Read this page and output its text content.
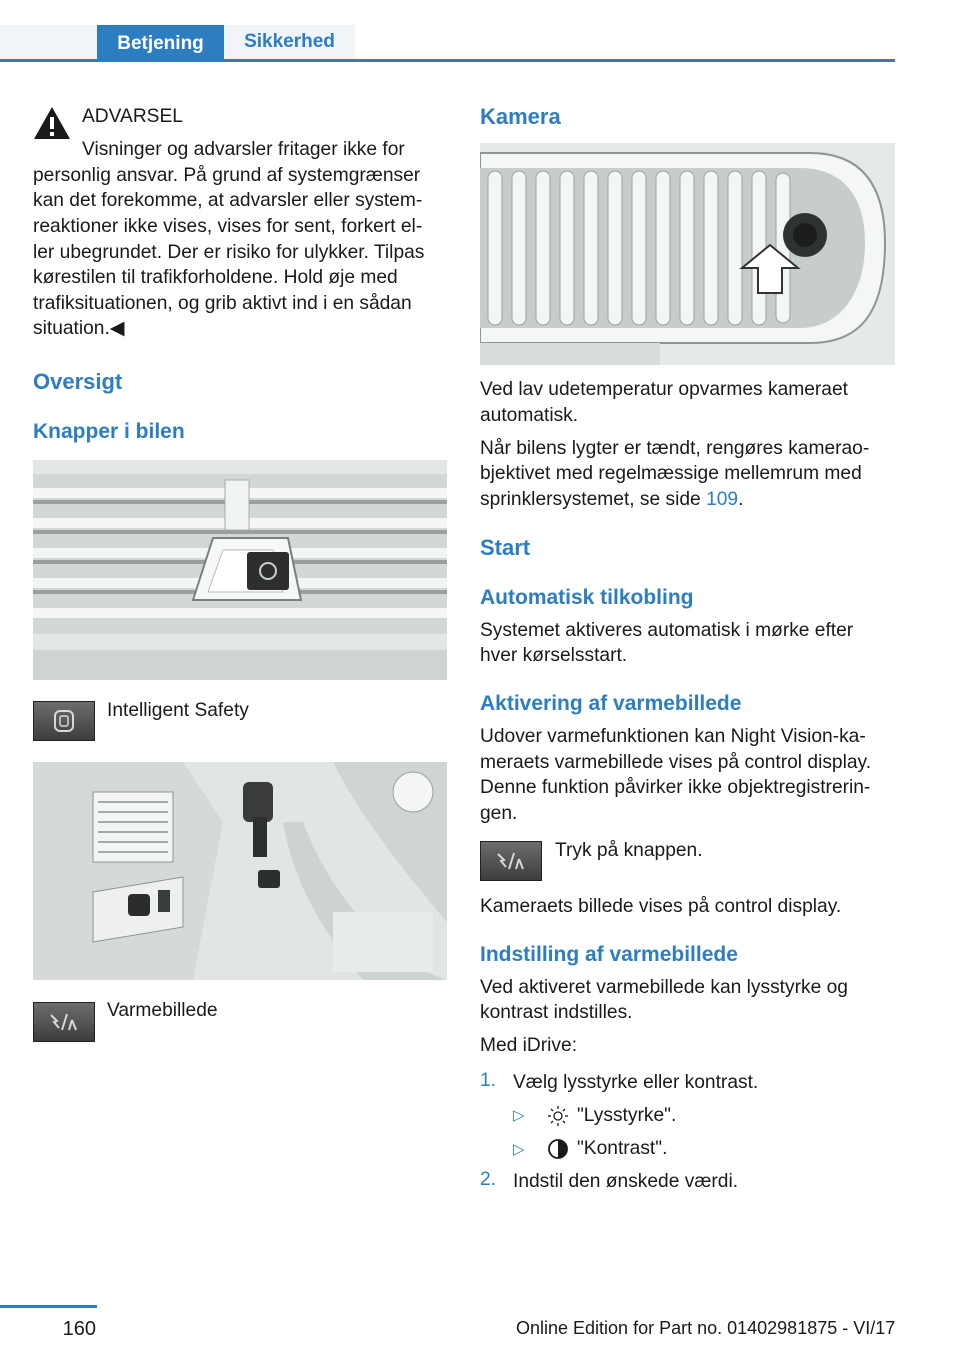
Betjening	Sikkerhed
ADVARSEL
Visninger og advarsler fritager ikke for
personlig ansvar. På grund af systemgrænser
kan det forekomme, at advarsler eller system‐
reaktioner ikke vises, vises for sent, forkert el‐
ler ubegrundet. Der er risiko for ulykker. Tilpas
kørestilen til trafikforholdene. Hold øje med
trafiksituationen, og grib aktivt ind i en sådan
situation.◀
Oversigt
Knapper i bilen
Intelligent Safety
Varmebillede
Kamera
Ved lav udetemperatur opvarmes kameraet
automatisk.
Når bilens lygter er tændt, rengøres kamerao‐
bjektivet med regelmæssige mellemrum med
sprinklersystemet, se side 109.
Start
Automatisk tilkobling
Systemet aktiveres automatisk i mørke efter
hver kørselsstart.
Aktivering af varmebillede
Udover varmefunktionen kan Night Vision-ka‐
meraets varmebillede vises på control display.
Denne funktion påvirker ikke objektregistrerin‐
gen.
Tryk på knappen.
Kameraets billede vises på control display.
Indstilling af varmebillede
Ved aktiveret varmebillede kan lysstyrke og
kontrast indstilles.
Med iDrive:
1. Vælg lysstyrke eller kontrast.
▷	"Lysstyrke".
▷	"Kontrast".
2. Indstil den ønskede værdi.
160	Online Edition for Part no. 01402981875 - VI/17
